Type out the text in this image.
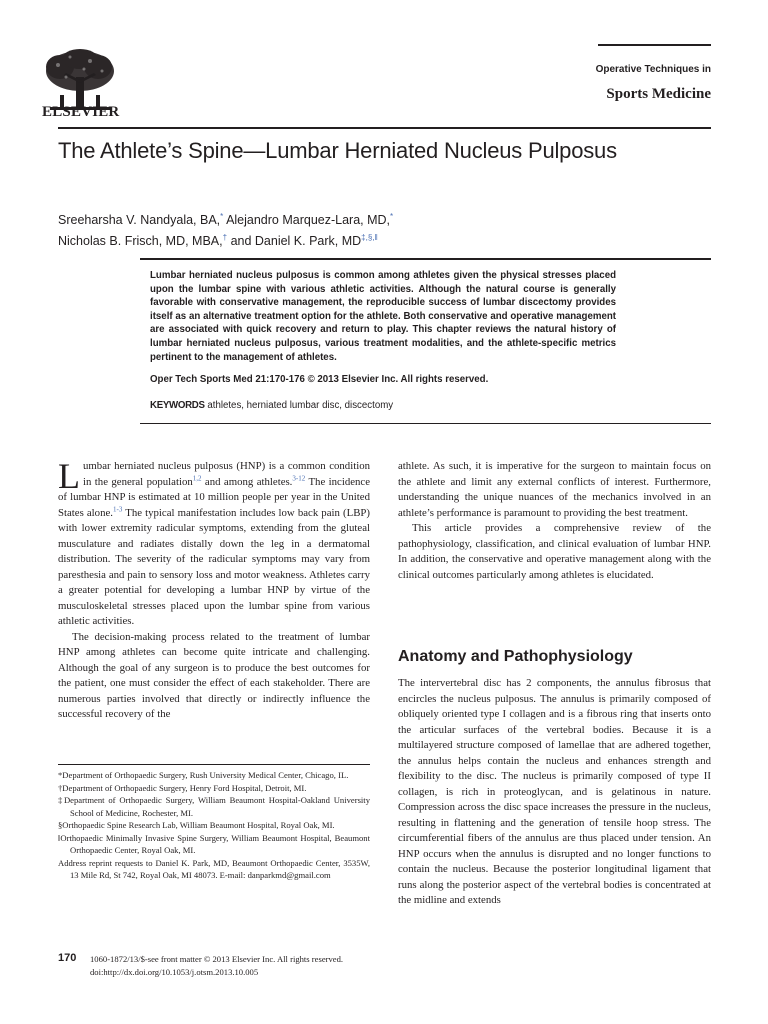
ELSEVIER
Operative Techniques in
Sports Medicine
The Athlete’s Spine—Lumbar Herniated Nucleus Pulposus
Sreeharsha V. Nandyala, BA,* Alejandro Marquez-Lara, MD,*
Nicholas B. Frisch, MD, MBA,† and Daniel K. Park, MD‡,§,‖
Lumbar herniated nucleus pulposus is common among athletes given the physical stresses placed upon the lumbar spine with various athletic activities. Although the natural course is generally favorable with conservative management, the reproducible success of lumbar discectomy provides itself as an alternative treatment option for the athlete. Both conservative and operative management are associated with quick recovery and return to play. This chapter reviews the natural history of lumbar herniated nucleus pulposus, various treatment modalities, and the athlete-specific metrics pertinent to the management of athletes.
Oper Tech Sports Med 21:170-176 © 2013 Elsevier Inc. All rights reserved.
KEYWORDS athletes, herniated lumbar disc, discectomy

Lumbar herniated nucleus pulposus (HNP) is a common condition in the general population$^{1,2}$ and among athletes.$^{3-12}$ The incidence of lumbar HNP is estimated at 10 million people per year in the United States alone.$^{1-3}$ The typical manifestation includes low back pain (LBP) with lower extremity radicular symptoms, extending from the gluteal musculature and radiates distally down the leg in a dermatomal distribution. The severity of the radicular symptoms may vary from paresthesia and pain to sensory loss and motor weakness. Athletes carry a greater potential for developing a lumbar HNP by virtue of the musculoskeletal stresses placed upon the lumbar spine from various athletic activities.

The decision-making process related to the treatment of lumbar HNP among athletes can become quite intricate and challenging. Although the goal of any surgeon is to produce the best outcomes for the patient, one must consider the effect of each stakeholder. There are numerous parties involved that directly or indirectly influence the successful recovery of the

*Department of Orthopaedic Surgery, Rush University Medical Center, Chicago, IL.

†Department of Orthopaedic Surgery, Henry Ford Hospital, Detroit, MI.

‡Department of Orthopaedic Surgery, William Beaumont Hospital-Oakland University School of Medicine, Rochester, MI.

§Orthopaedic Spine Research Lab, William Beaumont Hospital, Royal Oak, MI.

‖Orthopaedic Minimally Invasive Spine Surgery, William Beaumont Hospital, Beaumont Orthopaedic Center, Royal Oak, MI.

Address reprint requests to Daniel K. Park, MD, Beaumont Orthopaedic Center, 3535W, 13 Mile Rd, St 742, Royal Oak, MI 48073. E-mail: danparkmd@gmail.com

athlete. As such, it is imperative for the surgeon to maintain focus on the athlete and limit any external conflicts of interest. Furthermore, understanding the unique nuances of the mechanics involved in an athlete’s performance is paramount to providing the best treatment.

This article provides a comprehensive review of the pathophysiology, classification, and clinical evaluation of lumbar HNP. In addition, the conservative and operative management along with the clinical outcomes particularly among athletes is elucidated.

Anatomy and Pathophysiology

The intervertebral disc has 2 components, the annulus fibrosus that encircles the nucleus pulposus. The annulus is primarily composed of obliquely oriented type I collagen and is a fibrous ring that inserts onto the articular surfaces of the vertebral bodies. Because it is a multilayered structure composed of lamellae that are adhered together, the annulus helps contain the nucleus and enhances strength and flexibility to the disc. The nucleus is primarily composed of type II collagen, is rich in proteoglycan, and is gelatinous in nature. Compression across the disc space increases the pressure in the nucleus, resulting in flattening and the generation of tensile hoop stress. The circumferential fibers of the annulus are thus placed under tension. An HNP occurs when the annulus is disrupted and no longer functions to contain the nucleus. Because the posterior longitudinal ligament that runs along the posterior aspect of the vertebral bodies is concentrated at the midline and extends

170 1060-1872/13/$-see front matter © 2013 Elsevier Inc. All rights reserved.
doi:http://dx.doi.org/10.1053/j.otsm.2013.10.005
